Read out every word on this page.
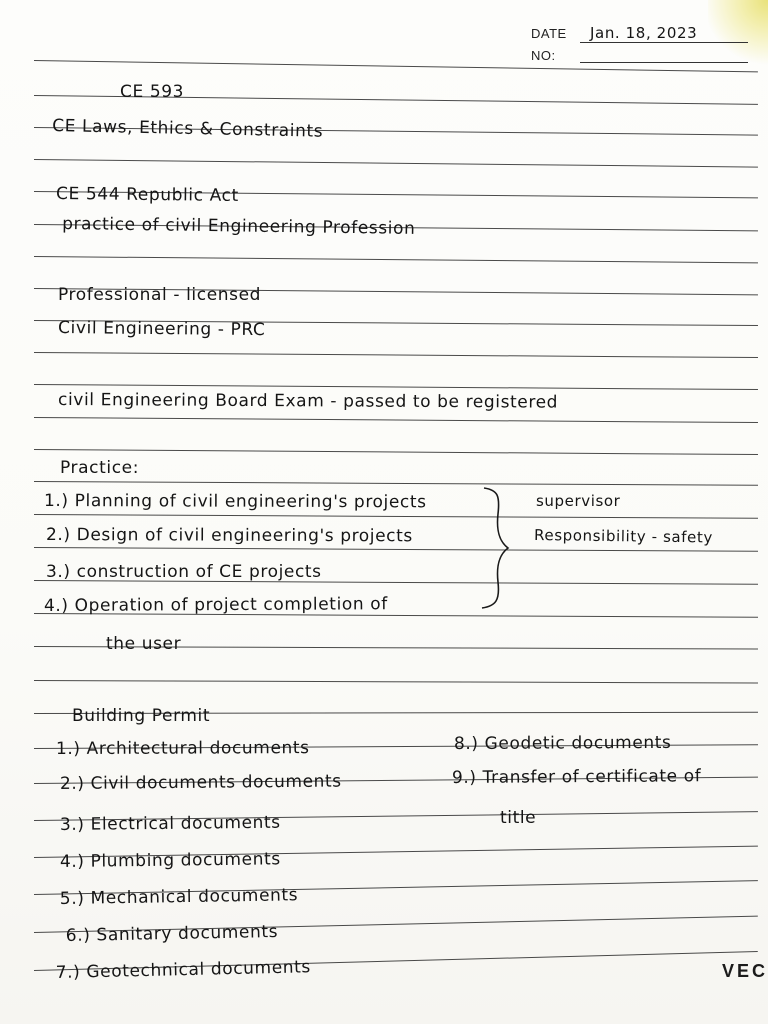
DATE Jan. 18, 2023
NO:
CE 593
CE Laws, Ethics & Constraints
CE 544 Republic Act
practice of civil Engineering Profession
Professional - licensed
Civil Engineering - PRC
civil Engineering Board Exam - passed to be registered
Practice:
1.) Planning of civil engineering's projects
2.) Design of civil engineering's projects
3.) construction of CE projects
4.) Operation of project completion of
the user
supervisor
Responsibility - safety
Building Permit
1.) Architectural documents
2.) Civil documents documents
3.) Electrical documents
4.) Plumbing documents
5.) Mechanical documents
6.) Sanitary documents
7.) Geotechnical documents
8.) Geodetic documents
9.) Transfer of certificate of
title
VEC
